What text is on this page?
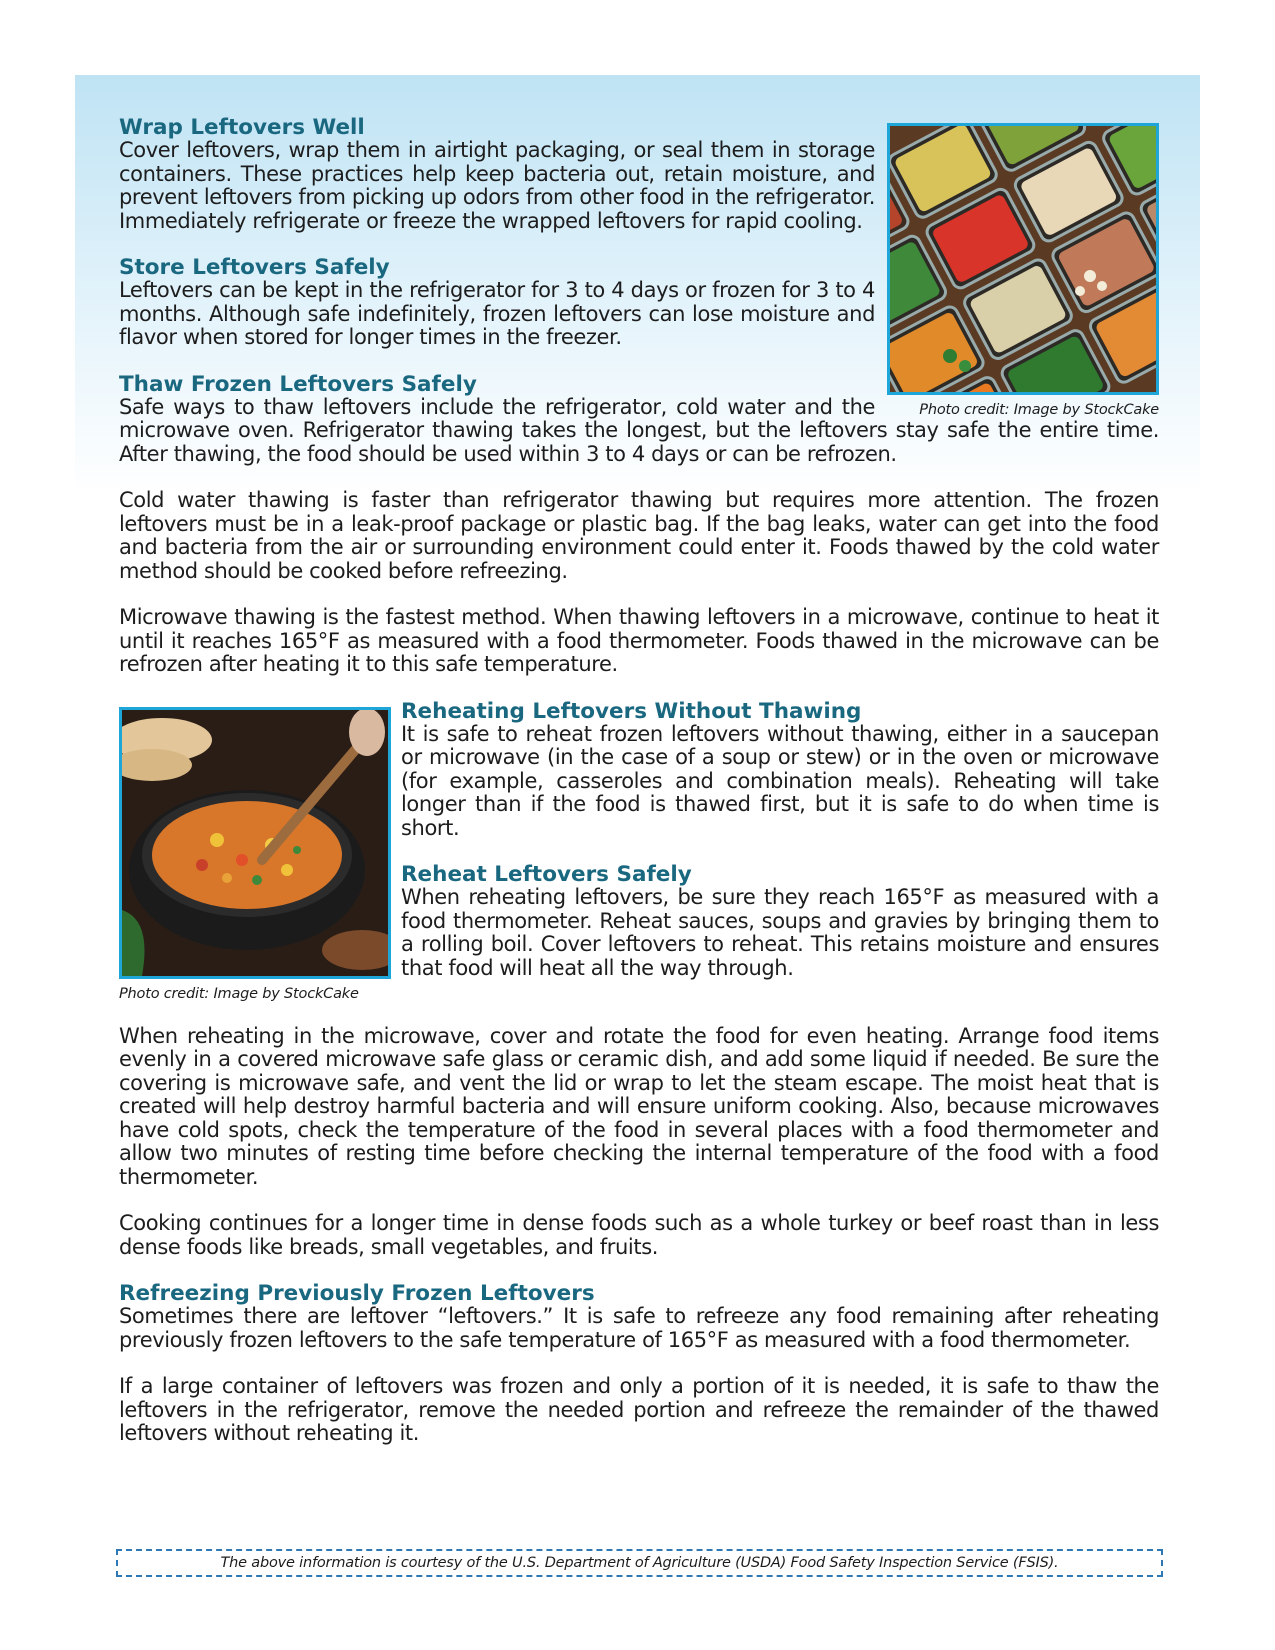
Photo credit: Image by StockCake
Wrap Leftovers Well

Cover leftovers, wrap them in airtight packaging, or seal them in storage containers. These practices help keep bacteria out, retain moisture, and prevent leftovers from picking up odors from other food in the refrigerator. Immediately refrigerate or freeze the wrapped leftovers for rapid cooling.

Store Leftovers Safely

Leftovers can be kept in the refrigerator for 3 to 4 days or frozen for 3 to 4 months. Although safe indefinitely, frozen leftovers can lose moisture and flavor when stored for longer times in the freezer.

Thaw Frozen Leftovers Safely

Safe ways to thaw leftovers include the refrigerator, cold water and the microwave oven. Refrigerator thawing takes the longest, but the leftovers stay safe the entire time. After thawing, the food should be used within 3 to 4 days or can be refrozen.

Cold water thawing is faster than refrigerator thawing but requires more attention. The frozen leftovers must be in a leak-proof package or plastic bag. If the bag leaks, water can get into the food and bacteria from the air or surrounding environment could enter it. Foods thawed by the cold water method should be cooked before refreezing.

Microwave thawing is the fastest method. When thawing leftovers in a microwave, continue to heat it until it reaches 165°F as measured with a food thermometer. Foods thawed in the microwave can be refrozen after heating it to this safe temperature.

Photo credit: Image by StockCake
Reheating Leftovers Without Thawing

It is safe to reheat frozen leftovers without thawing, either in a saucepan or microwave (in the case of a soup or stew) or in the oven or microwave (for example, casseroles and combination meals). Reheating will take longer than if the food is thawed first, but it is safe to do when time is short.

Reheat Leftovers Safely

When reheating leftovers, be sure they reach 165°F as measured with a food thermometer. Reheat sauces, soups and gravies by bringing them to a rolling boil. Cover leftovers to reheat. This retains moisture and ensures that food will heat all the way through.

When reheating in the microwave, cover and rotate the food for even heating. Arrange food items evenly in a covered microwave safe glass or ceramic dish, and add some liquid if needed. Be sure the covering is microwave safe, and vent the lid or wrap to let the steam escape. The moist heat that is created will help destroy harmful bacteria and will ensure uniform cooking. Also, because microwaves have cold spots, check the temperature of the food in several places with a food thermometer and allow two minutes of resting time before checking the internal temperature of the food with a food thermometer.

Cooking continues for a longer time in dense foods such as a whole turkey or beef roast than in less dense foods like breads, small vegetables, and fruits.

Refreezing Previously Frozen Leftovers

Sometimes there are leftover “leftovers.” It is safe to refreeze any food remaining after reheating previously frozen leftovers to the safe temperature of 165°F as measured with a food thermometer.

If a large container of leftovers was frozen and only a portion of it is needed, it is safe to thaw the leftovers in the refrigerator, remove the needed portion and refreeze the remainder of the thawed leftovers without reheating it.

The above information is courtesy of the U.S. Department of Agriculture (USDA) Food Safety Inspection Service (FSIS).
